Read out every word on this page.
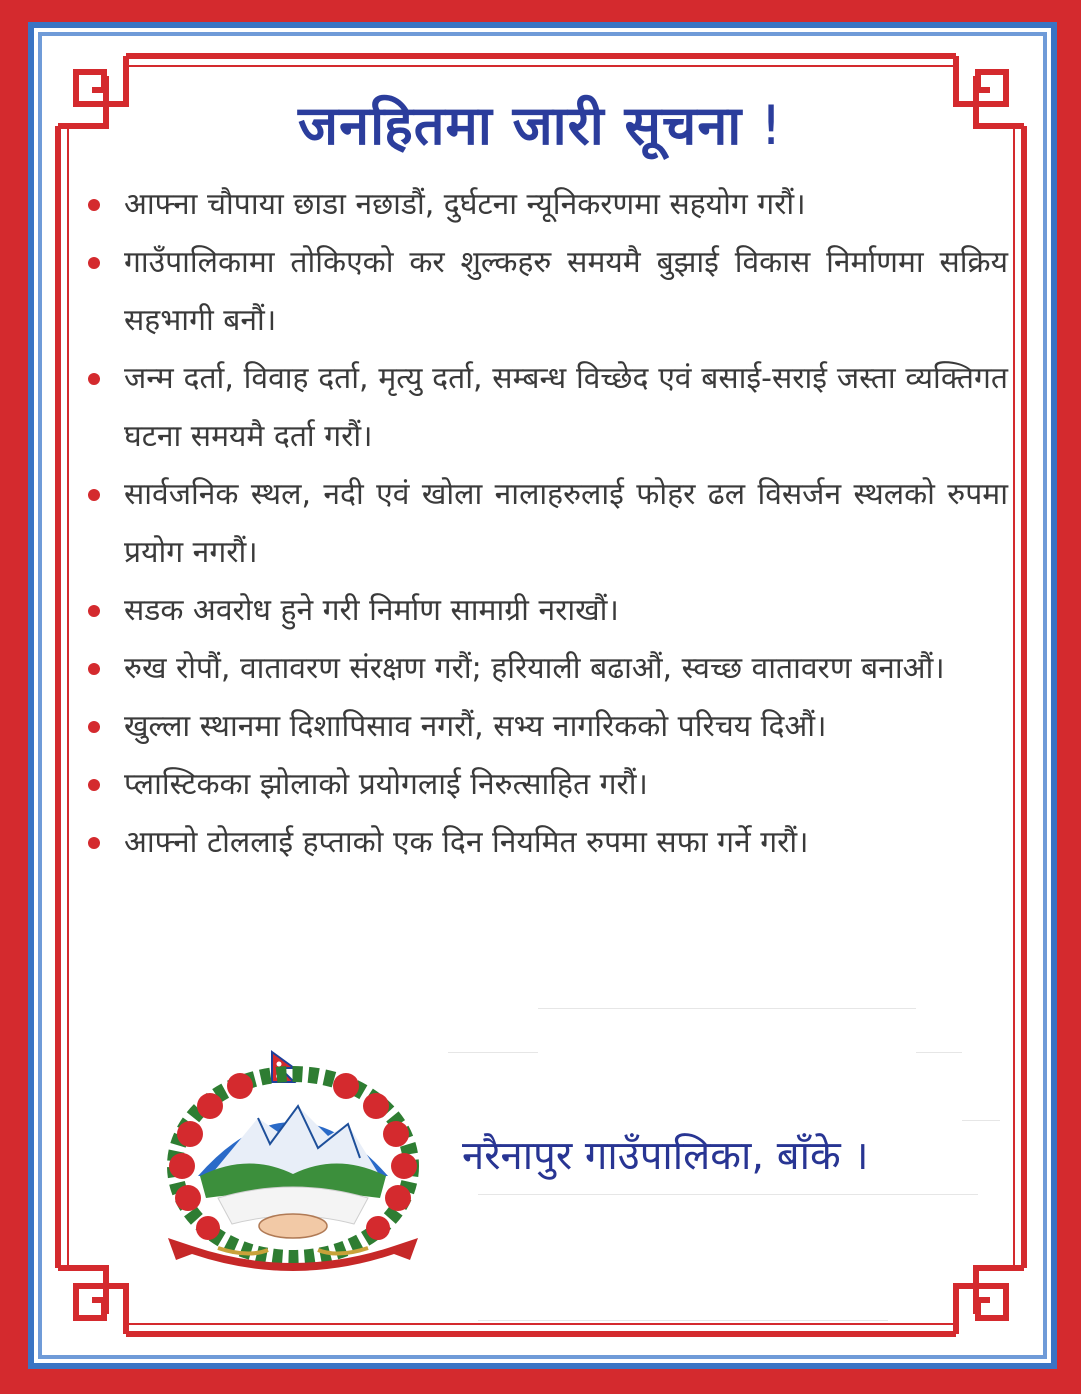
जनहितमा जारी सूचना !
आफ्ना चौपाया छाडा नछाडौं, दुर्घटना न्यूनिकरणमा सहयोग गरौं।
गाउँपालिकामा तोकिएको कर शुल्कहरु समयमै बुझाई विकास निर्माणमा सक्रिय सहभागी बनौं।
जन्म दर्ता, विवाह दर्ता, मृत्यु दर्ता, सम्बन्ध विच्छेद एवं बसाई-सराई जस्ता व्यक्तिगत घटना समयमै दर्ता गरौं।
सार्वजनिक स्थल, नदी एवं खोला नालाहरुलाई फोहर ढल विसर्जन स्थलको रुपमा प्रयोग नगरौं।
सडक अवरोध हुने गरी निर्माण सामाग्री नराखौं।
रुख रोपौं, वातावरण संरक्षण गरौं; हरियाली बढाऔं, स्वच्छ वातावरण बनाऔं।
खुल्ला स्थानमा दिशापिसाव नगरौं, सभ्य नागरिकको परिचय दिऔं।
प्लास्टिकका झोलाको प्रयोगलाई निरुत्साहित गरौं।
आफ्नो टोललाई हप्ताको एक दिन नियमित रुपमा सफा गर्ने गरौं।
नरैनापुर गाउँपालिका, बाँके ।
